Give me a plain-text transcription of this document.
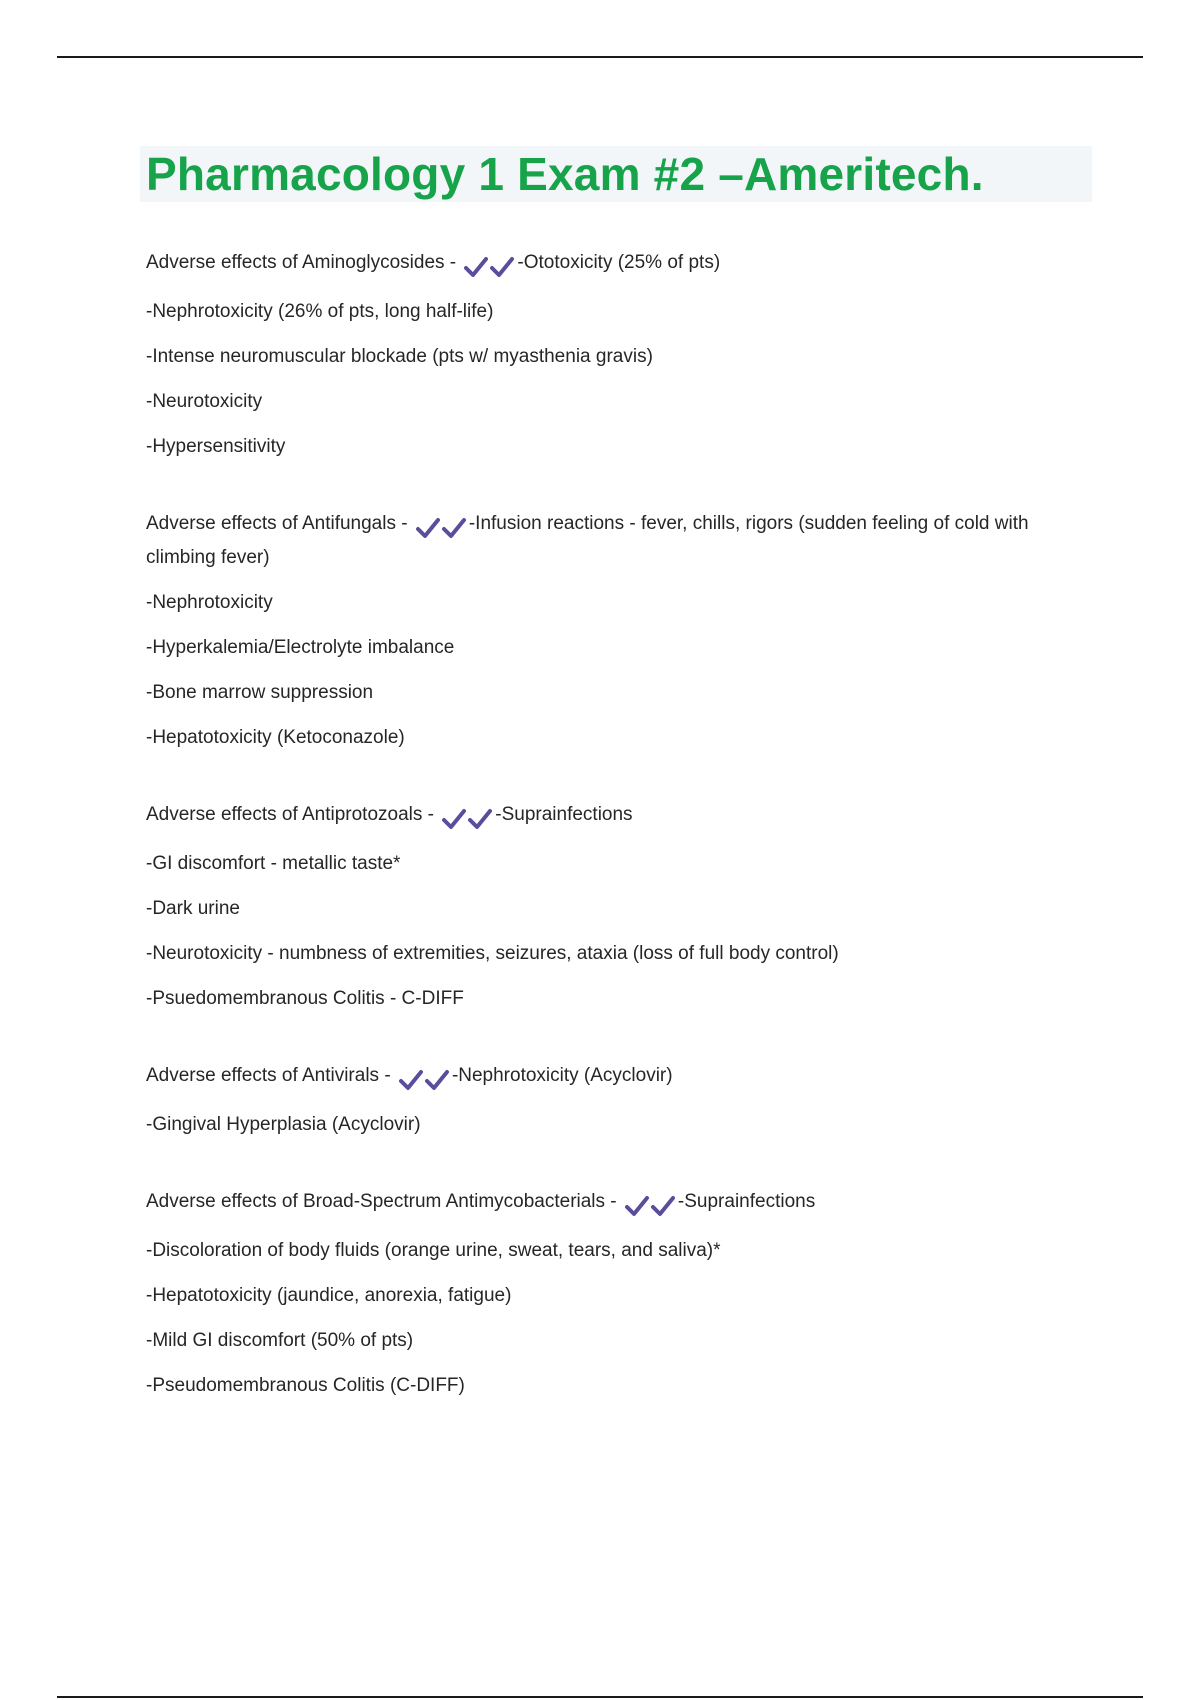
Pharmacology 1 Exam #2 –Ameritech.
Adverse effects of Aminoglycosides -	-Ototoxicity (25% of pts)
-Nephrotoxicity (26% of pts, long half-life)
-Intense neuromuscular blockade (pts w/ myasthenia gravis)
-Neurotoxicity
-Hypersensitivity
Adverse effects of Antifungals -	-Infusion reactions - fever, chills, rigors (sudden feeling of cold with climbing fever)
-Nephrotoxicity
-Hyperkalemia/Electrolyte imbalance
-Bone marrow suppression
-Hepatotoxicity (Ketoconazole)
Adverse effects of Antiprotozoals -	-Suprainfections
-GI discomfort - metallic taste*
-Dark urine
-Neurotoxicity - numbness of extremities, seizures, ataxia (loss of full body control)
-Psuedomembranous Colitis - C-DIFF
Adverse effects of Antivirals -	-Nephrotoxicity (Acyclovir)
-Gingival Hyperplasia (Acyclovir)
Adverse effects of Broad-Spectrum Antimycobacterials -	-Suprainfections
-Discoloration of body fluids (orange urine, sweat, tears, and saliva)*
-Hepatotoxicity (jaundice, anorexia, fatigue)
-Mild GI discomfort (50% of pts)
-Pseudomembranous Colitis (C-DIFF)
